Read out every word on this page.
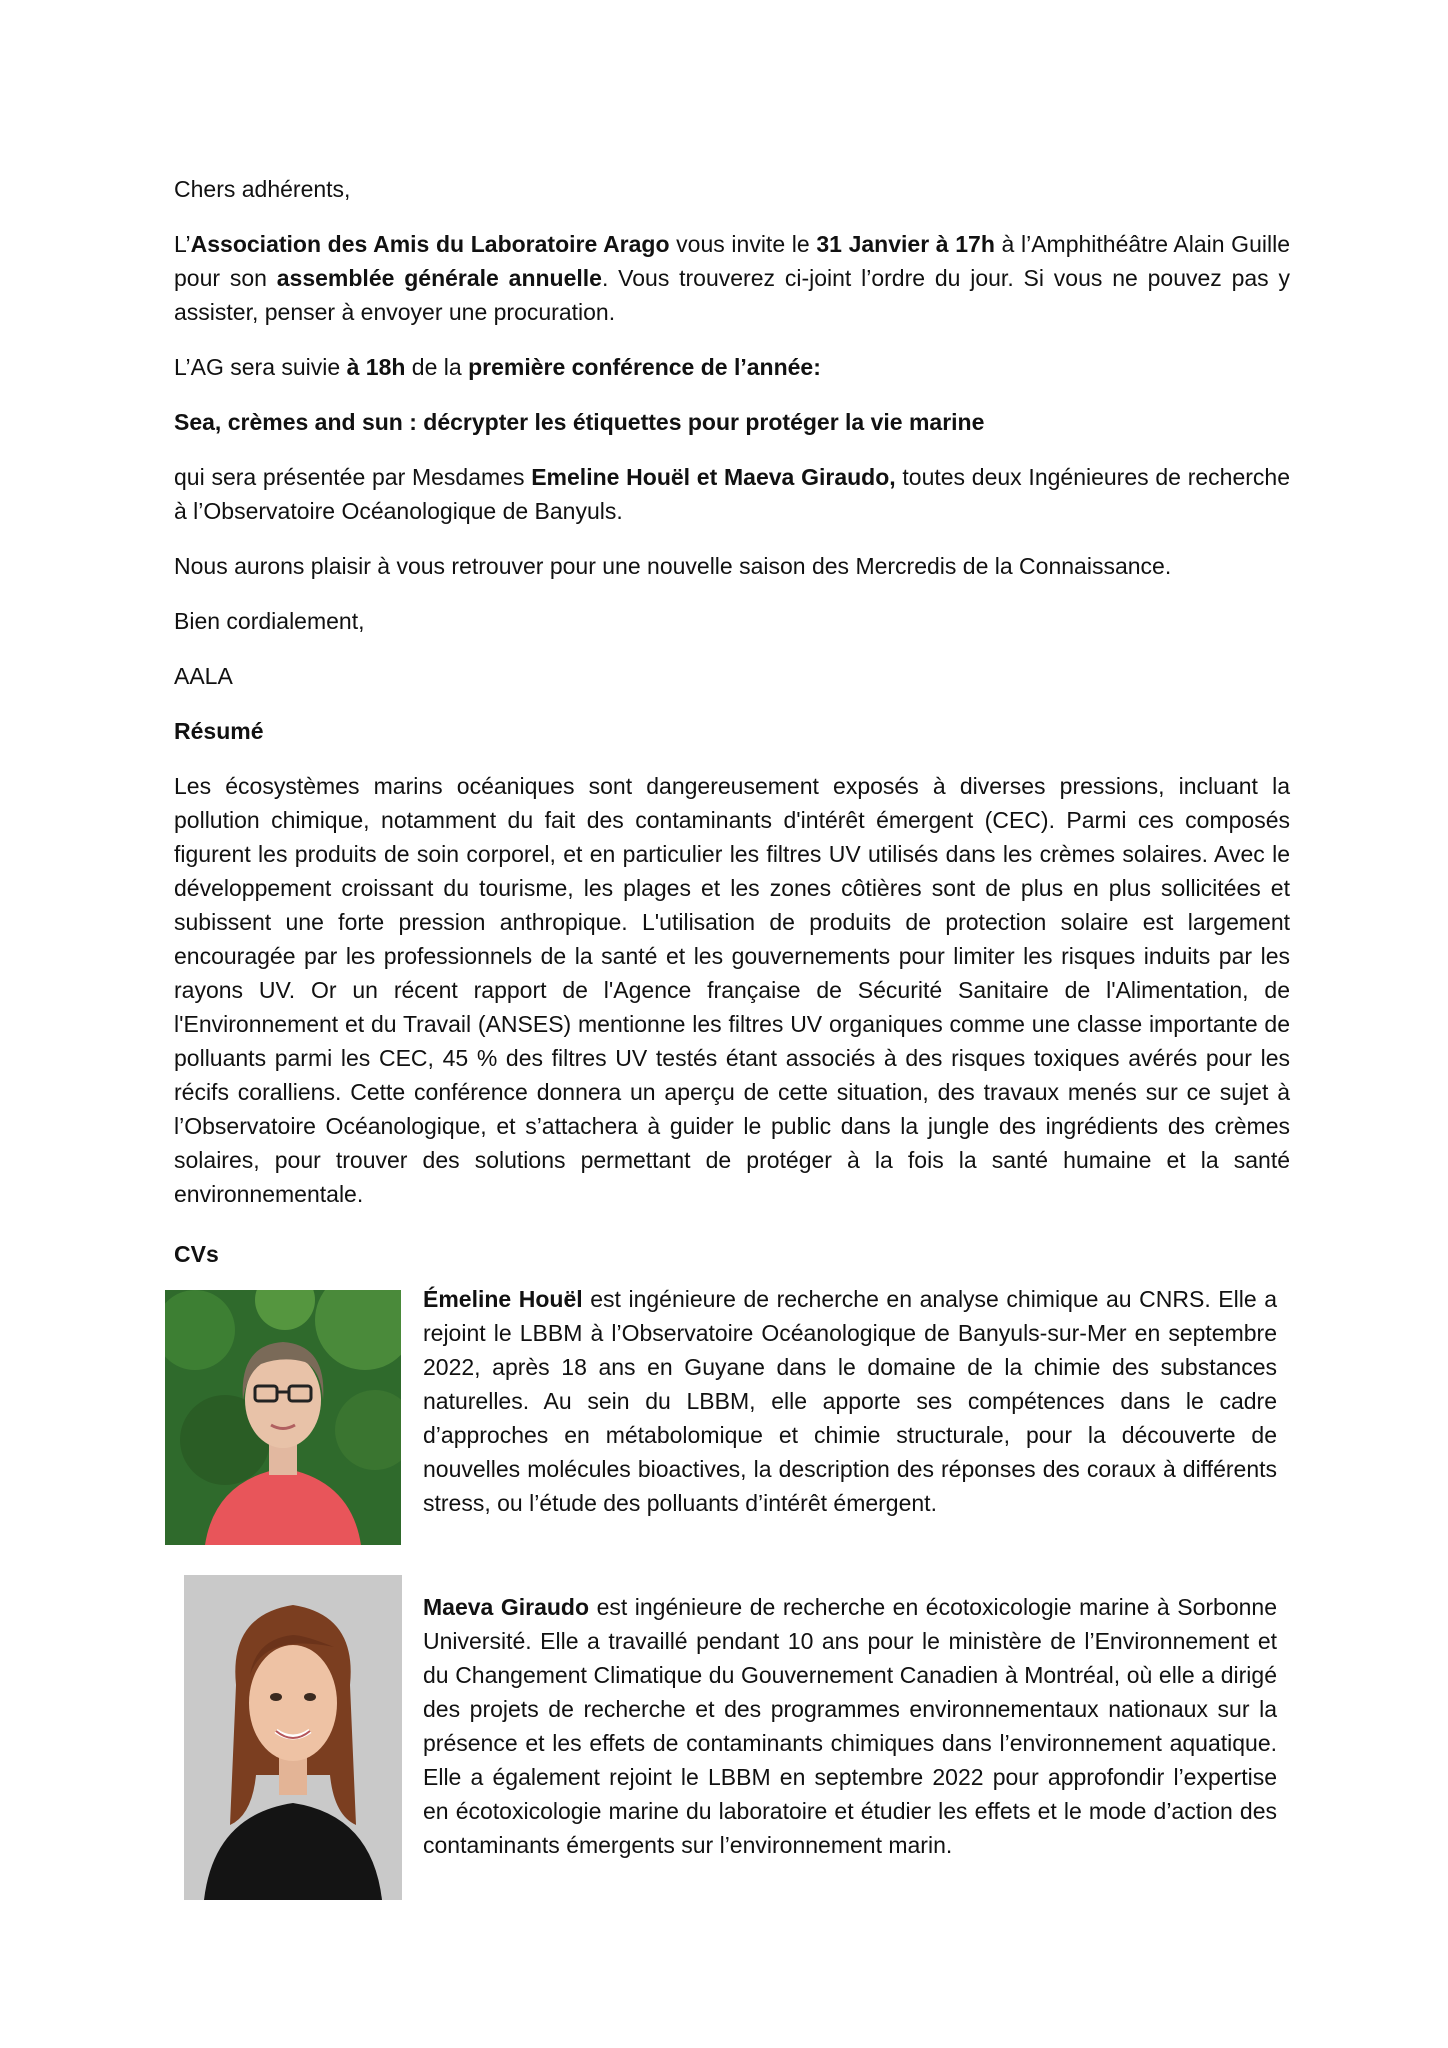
Chers adhérents,

L’Association des Amis du Laboratoire Arago vous invite le 31 Janvier à 17h à l’Amphithéâtre Alain Guille pour son assemblée générale annuelle. Vous trouverez ci-joint l’ordre du jour. Si vous ne pouvez pas y assister, penser à envoyer une procuration.

L’AG sera suivie à 18h de la première conférence de l’année:

Sea, crèmes and sun : décrypter les étiquettes pour protéger la vie marine

qui sera présentée par Mesdames Emeline Houël et Maeva Giraudo, toutes deux Ingénieures de recherche à l’Observatoire Océanologique de Banyuls.

Nous aurons plaisir à vous retrouver pour une nouvelle saison des Mercredis de la Connaissance.

Bien cordialement,

AALA

Résumé

Les écosystèmes marins océaniques sont dangereusement exposés à diverses pressions, incluant la pollution chimique, notamment du fait des contaminants d'intérêt émergent (CEC). Parmi ces composés figurent les produits de soin corporel, et en particulier les filtres UV utilisés dans les crèmes solaires. Avec le développement croissant du tourisme, les plages et les zones côtières sont de plus en plus sollicitées et subissent une forte pression anthropique. L'utilisation de produits de protection solaire est largement encouragée par les professionnels de la santé et les gouvernements pour limiter les risques induits par les rayons UV. Or un récent rapport de l'Agence française de Sécurité Sanitaire de l'Alimentation, de l'Environnement et du Travail (ANSES) mentionne les filtres UV organiques comme une classe importante de polluants parmi les CEC, 45 % des filtres UV testés étant associés à des risques toxiques avérés pour les récifs coralliens. Cette conférence donnera un aperçu de cette situation, des travaux menés sur ce sujet à l’Observatoire Océanologique, et s’attachera à guider le public dans la jungle des ingrédients des crèmes solaires, pour trouver des solutions permettant de protéger à la fois la santé humaine et la santé environnementale.

CVs

Émeline Houël est ingénieure de recherche en analyse chimique au CNRS. Elle a rejoint le LBBM à l’Observatoire Océanologique de Banyuls-sur-Mer en septembre 2022, après 18 ans en Guyane dans le domaine de la chimie des substances naturelles. Au sein du LBBM, elle apporte ses compétences dans le cadre d’approches en métabolomique et chimie structurale, pour la découverte de nouvelles molécules bioactives, la description des réponses des coraux à différents stress, ou l’étude des polluants d’intérêt émergent.

Maeva Giraudo est ingénieure de recherche en écotoxicologie marine à Sorbonne Université. Elle a travaillé pendant 10 ans pour le ministère de l’Environnement et du Changement Climatique du Gouvernement Canadien à Montréal, où elle a dirigé des projets de recherche et des programmes environnementaux nationaux sur la présence et les effets de contaminants chimiques dans l’environnement aquatique. Elle a également rejoint le LBBM en septembre 2022 pour approfondir l’expertise en écotoxicologie marine du laboratoire et étudier les effets et le mode d’action des contaminants émergents sur l’environnement marin.
